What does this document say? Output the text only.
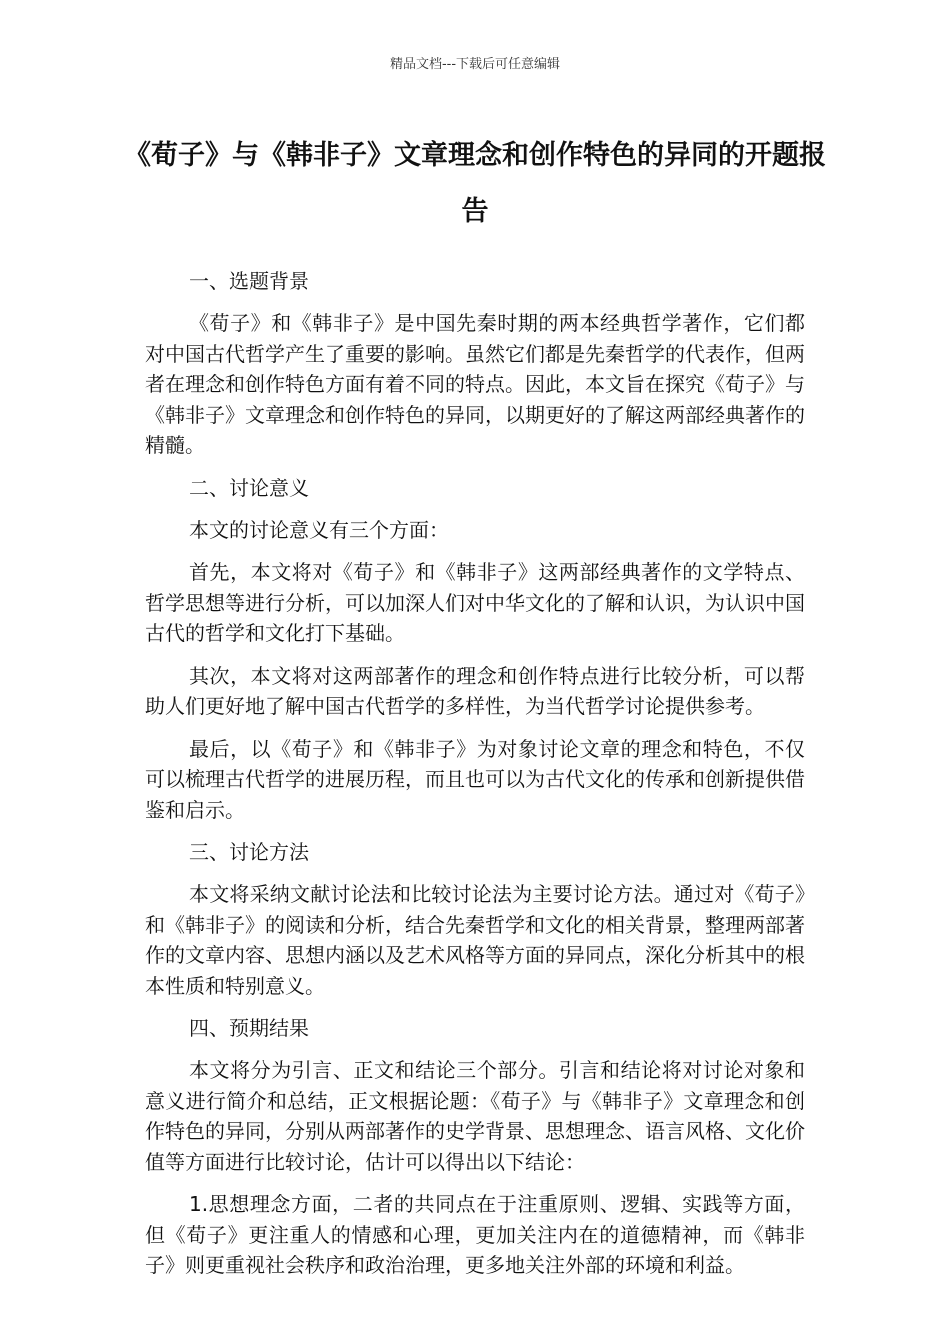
精品文档---下载后可任意编辑
《荀子》与《韩非子》文章理念和创作特色的异同的开题报告
一、选题背景

《荀子》和《韩非子》是中国先秦时期的两本经典哲学著作，它们都对中国古代哲学产生了重要的影响。虽然它们都是先秦哲学的代表作，但两者在理念和创作特色方面有着不同的特点。因此，本文旨在探究《荀子》与《韩非子》文章理念和创作特色的异同，以期更好的了解这两部经典著作的精髓。

二、讨论意义

本文的讨论意义有三个方面：

首先，本文将对《荀子》和《韩非子》这两部经典著作的文学特点、哲学思想等进行分析，可以加深人们对中华文化的了解和认识，为认识中国古代的哲学和文化打下基础。

其次，本文将对这两部著作的理念和创作特点进行比较分析，可以帮助人们更好地了解中国古代哲学的多样性，为当代哲学讨论提供参考。

最后，以《荀子》和《韩非子》为对象讨论文章的理念和特色，不仅可以梳理古代哲学的进展历程，而且也可以为古代文化的传承和创新提供借鉴和启示。

三、讨论方法

本文将采纳文献讨论法和比较讨论法为主要讨论方法。通过对《荀子》和《韩非子》的阅读和分析，结合先秦哲学和文化的相关背景，整理两部著作的文章内容、思想内涵以及艺术风格等方面的异同点，深化分析其中的根本性质和特别意义。

四、预期结果

本文将分为引言、正文和结论三个部分。引言和结论将对讨论对象和意义进行简介和总结，正文根据论题：《荀子》与《韩非子》文章理念和创作特色的异同，分别从两部著作的史学背景、思想理念、语言风格、文化价值等方面进行比较讨论，估计可以得出以下结论：

1.思想理念方面，二者的共同点在于注重原则、逻辑、实践等方面，但《荀子》更注重人的情感和心理，更加关注内在的道德精神，而《韩非子》则更重视社会秩序和政治治理，更多地关注外部的环境和利益。
